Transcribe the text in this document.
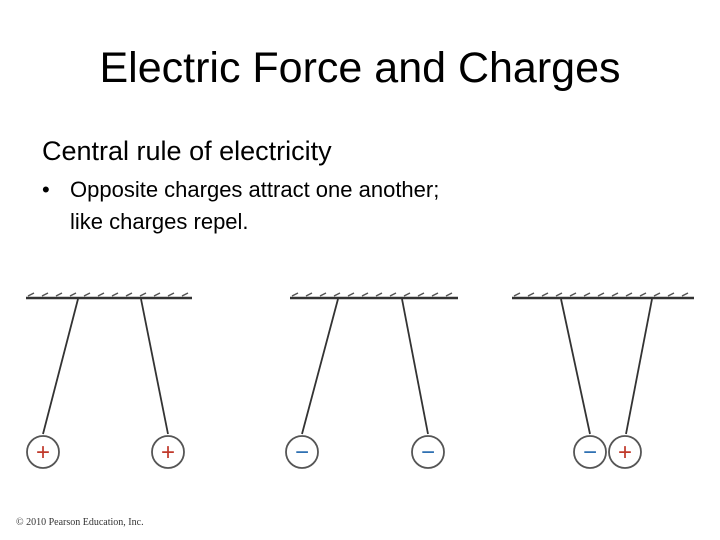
Electric Force and Charges

Central rule of electricity

• Opposite charges attract one another;
like charges repel.
+	+	−	−	− +
© 2010 Pearson Education, Inc.
